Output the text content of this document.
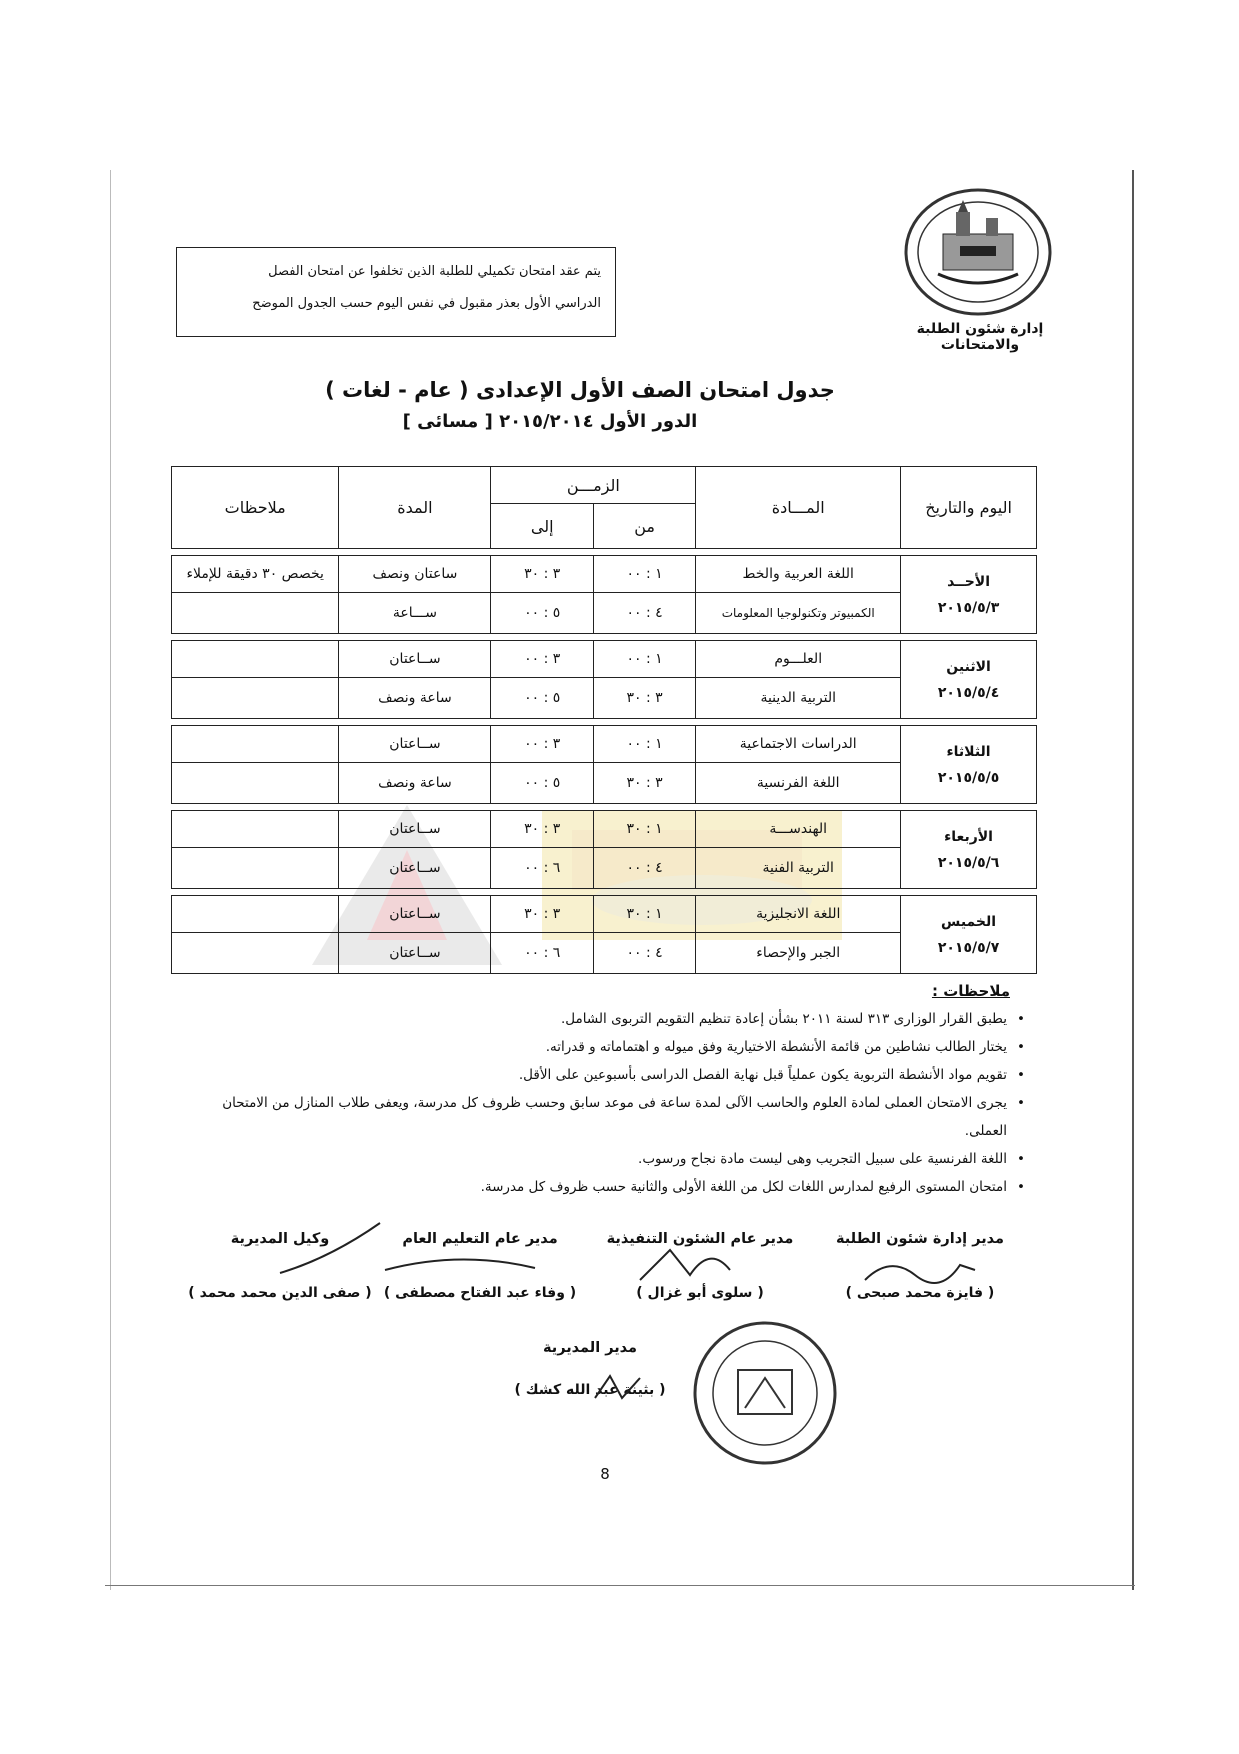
إدارة شئون الطلبة والامتحانات
يتم عقد امتحان تكميلي للطلبة الذين تخلفوا عن امتحان الفصل
الدراسي الأول بعذر مقبول في نفس اليوم حسب الجدول الموضح
جدول امتحان الصف الأول الإعدادى ( عام - لغات )
الدور الأول ٢٠١٥/٢٠١٤ [ مسائى ]
اليوم والتاريخ	المـــادة	الزمـــن		المدة	ملاحظات
		من	إلى		

الأحــد
٢٠١٥/٥/٣	اللغة العربية والخط	١ : ٠٠	٣ : ٣٠	ساعتان ونصف	يخصص ٣٠ دقيقة للإملاء
	الكمبيوتر وتكنولوجيا المعلومات	٤ : ٠٠	٥ : ٠٠	ســـاعة	

الاثنين
٢٠١٥/٥/٤	العلـــوم	١ : ٠٠	٣ : ٠٠	ســاعتان	
	التربية الدينية	٣ : ٣٠	٥ : ٠٠	ساعة ونصف	

الثلاثاء
٢٠١٥/٥/٥	الدراسات الاجتماعية	١ : ٠٠	٣ : ٠٠	ســاعتان	
	اللغة الفرنسية	٣ : ٣٠	٥ : ٠٠	ساعة ونصف	

الأربعاء
٢٠١٥/٥/٦	الهندســـة	١ : ٣٠	٣ : ٣٠	ســاعتان	
	التربية الفنية	٤ : ٠٠	٦ : ٠٠	ســاعتان	

الخميس
٢٠١٥/٥/٧	اللغة الانجليزية	١ : ٣٠	٣ : ٣٠	ســاعتان	
	الجبر والإحصاء	٤ : ٠٠	٦ : ٠٠	ســاعتان	
ملاحظات :
• يطبق القرار الوزارى ٣١٣ لسنة ٢٠١١ بشأن إعادة تنظيم التقويم التربوى الشامل.
• يختار الطالب نشاطين من قائمة الأنشطة الاختيارية وفق ميوله و اهتماماته و قدراته.
• تقويم مواد الأنشطة التربوية يكون عملياً قبل نهاية الفصل الدراسى بأسبوعين على الأقل.
• يجرى الامتحان العملى لمادة العلوم والحاسب الآلى لمدة ساعة فى موعد سابق وحسب ظروف كل مدرسة، ويعفى طلاب المنازل من الامتحان العملى.
• اللغة الفرنسية على سبيل التجريب وهى ليست مادة نجاح ورسوب.
• امتحان المستوى الرفيع لمدارس اللغات لكل من اللغة الأولى والثانية حسب ظروف كل مدرسة.
مدير إدارة شئون الطلبة
( فايزة محمد صبحى )
مدير عام الشئون التنفيذية
( سلوى أبو غزال )
مدير عام التعليم العام
( وفاء عبد الفتاح مصطفى )
وكيل المديرية
( صفى الدين محمد محمد )
مدير المديرية
( بثينة عبد الله كشك )
8
